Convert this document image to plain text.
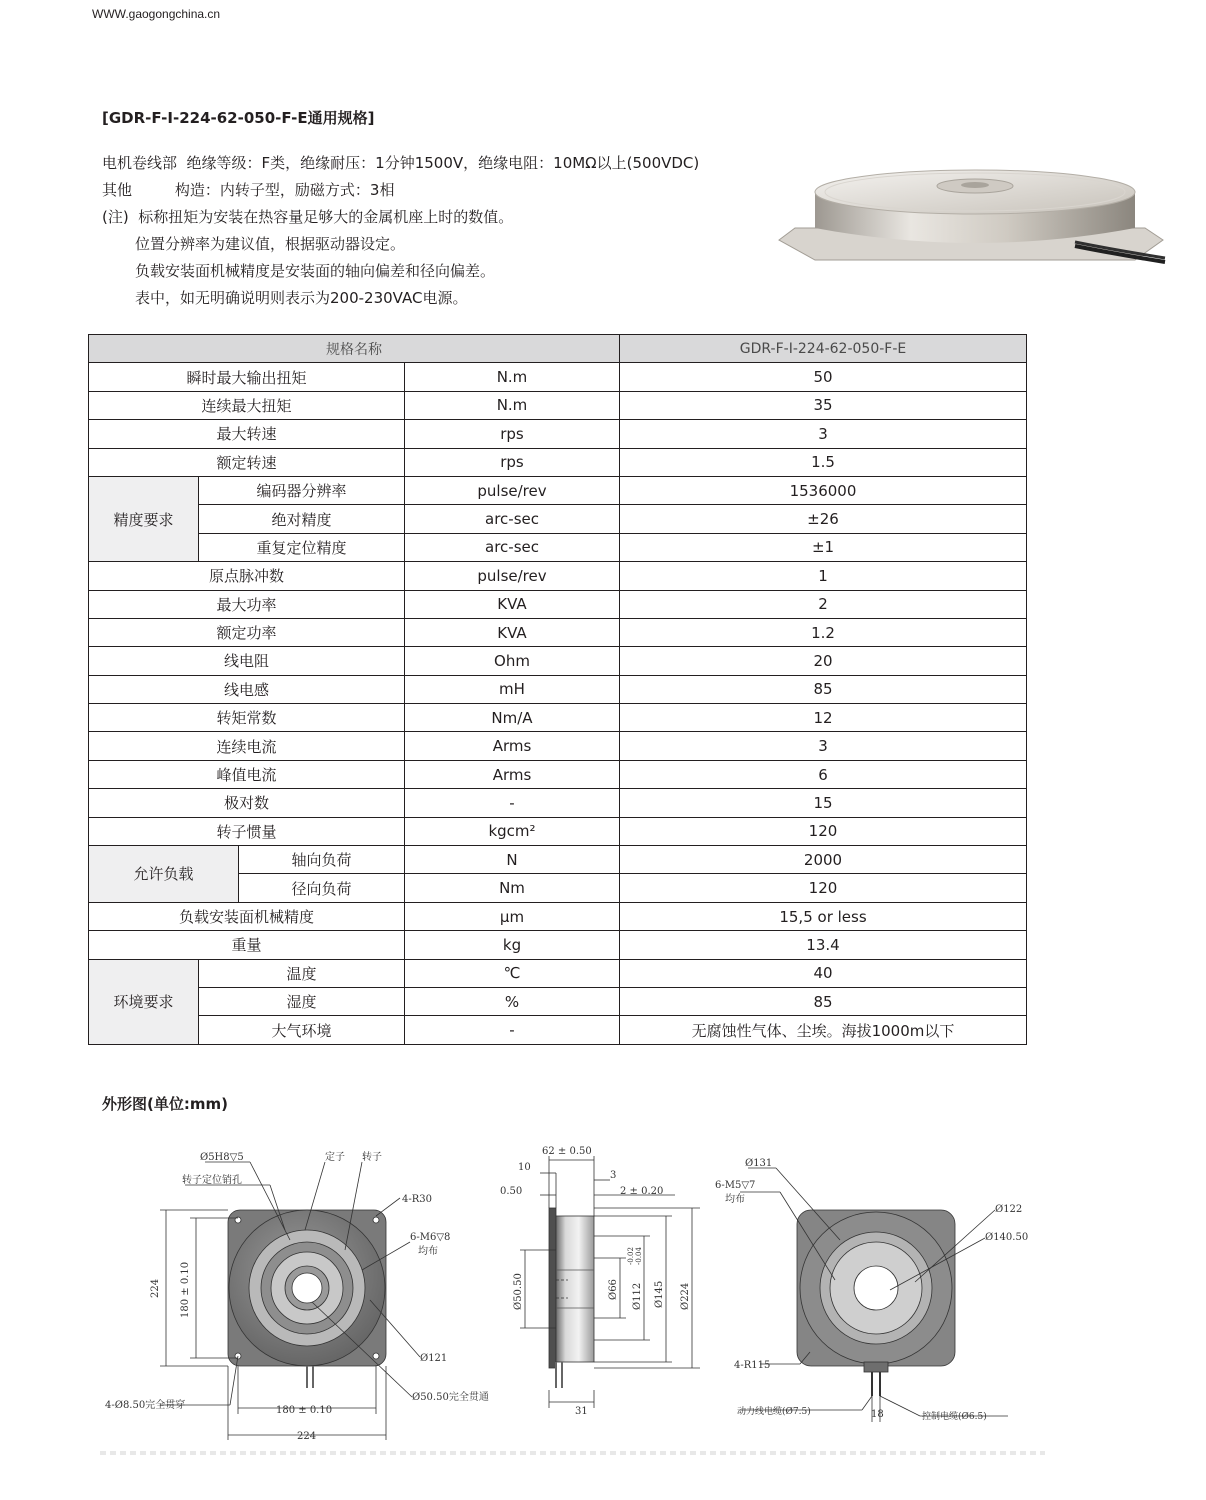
WWW.gaogongchina.cn
[GDR-F-I-224-62-050-F-E通用规格]
电机卷线部  绝缘等级：F类，绝缘耐压：1分钟1500V，绝缘电阻：10MΩ以上(500VDC)
其他         构造：内转子型，励磁方式：3相
(注)  标称扭矩为安装在热容量足够大的金属机座上时的数值。
位置分辨率为建议值，根据驱动器设定。
负载安装面机械精度是安装面的轴向偏差和径向偏差。
表中，如无明确说明则表示为200-230VAC电源。
规格名称				GDR-F-I-224-62-050-F-E
瞬时最大输出扭矩			N.m	50
连续最大扭矩			N.m	35
最大转速			rps	3
额定转速			rps	1.5
精度要求	编码器分辨率		pulse/rev	1536000
	绝对精度		arc-sec	±26
	重复定位精度		arc-sec	±1
原点脉冲数			pulse/rev	1
最大功率			KVA	2
额定功率			KVA	1.2
线电阻			Ohm	20
线电感			mH	85
转矩常数			Nm/A	12
连续电流			Arms	3
峰值电流			Arms	6
极对数			-	15
转子惯量			kgcm²	120
允许负载		轴向负荷	N	2000
		径向负荷	Nm	120
负载安装面机械精度			μm	15,5 or less
重量			kg	13.4
环境要求	温度		℃	40
	湿度		%	85
	大气环境		-	无腐蚀性气体、尘埃。海拔1000m以下
外形图(单位:mm)
Ø5H8▽5	定子 转子
转子定位销孔
4-R30
6-M6▽8
均布
224 180 ± 0.10
Ø121
Ø50.50完全贯通
4-Ø8.50完全贯穿	180 ± 0.10
224
62 ± 0.50
10
3
0.50	2 ± 0.20
Ø50.50	Ø66 Ø112
-0.02 -0.04
Ø145 Ø224
31
Ø131
6-M5▽7
均布
Ø122
Ø140.50
4-R115
动力线电缆(Ø7.5)	18	控制电缆(Ø6.5)
